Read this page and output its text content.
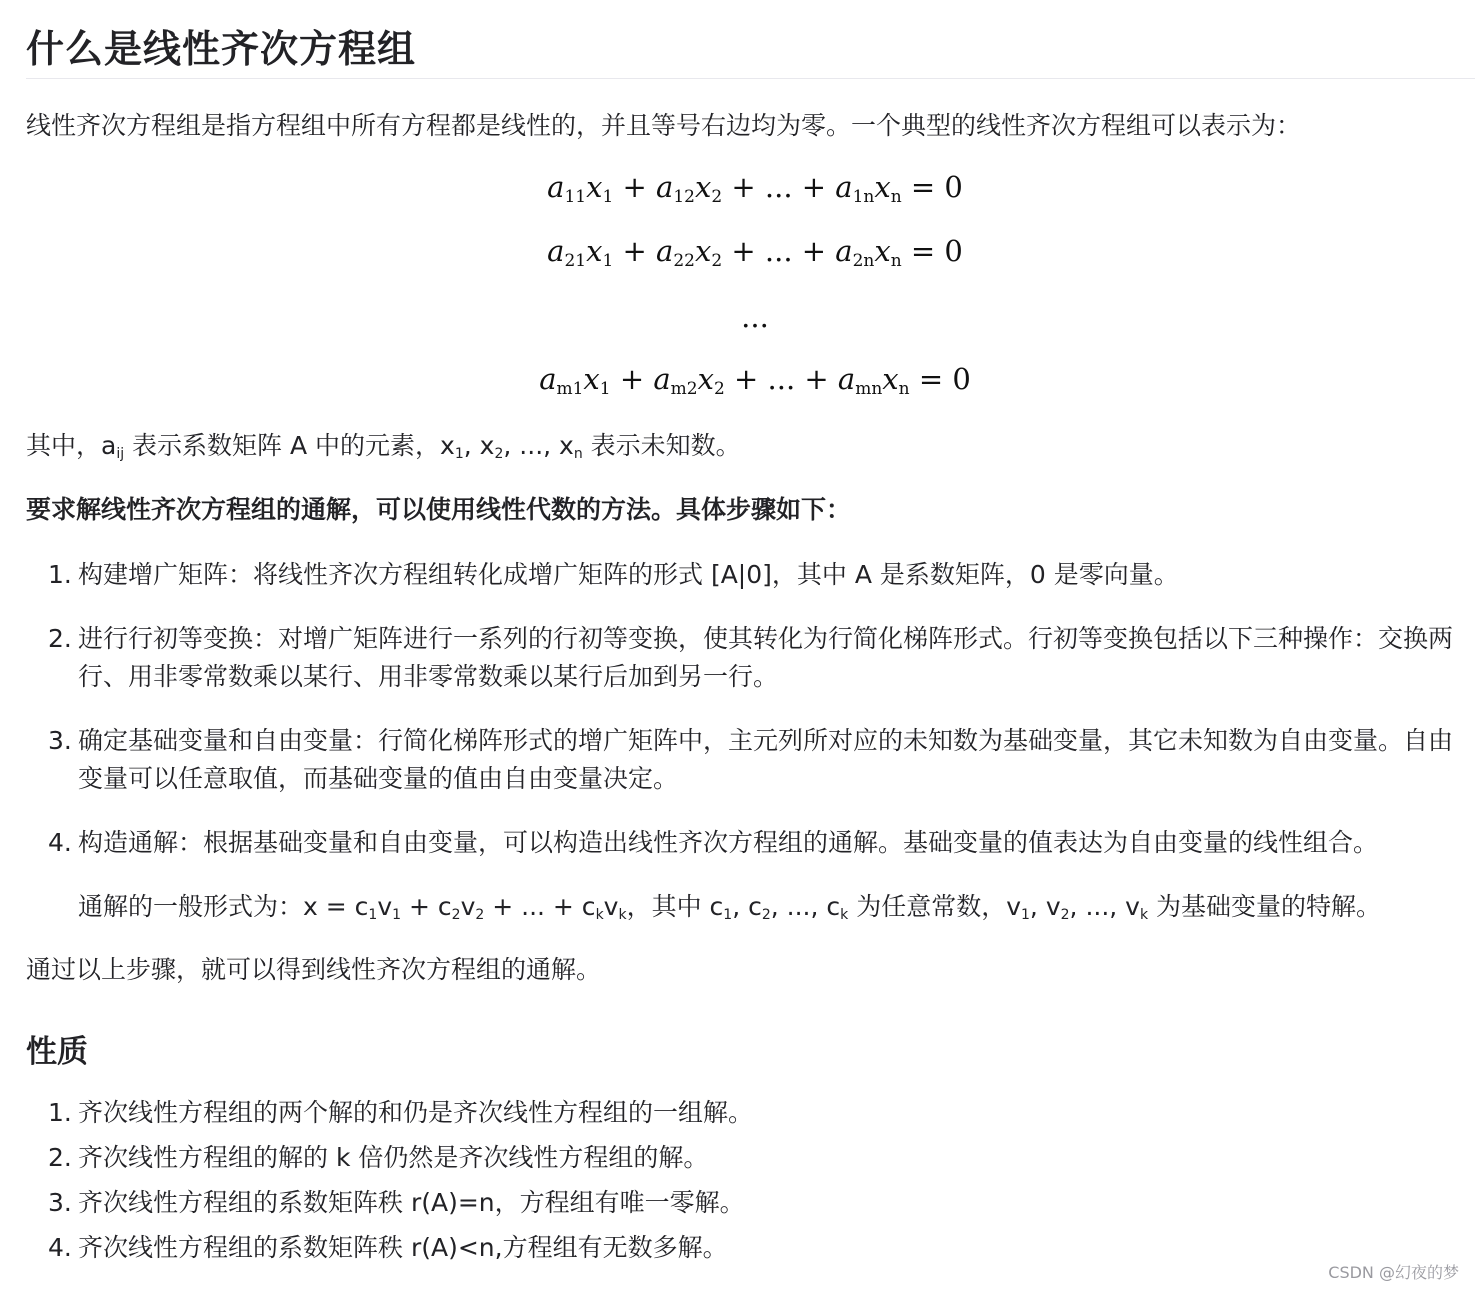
什么是线性齐次方程组
线性齐次方程组是指方程组中所有方程都是线性的，并且等号右边均为零。一个典型的线性齐次方程组可以表示为：
$a_{11}x_1 + a_{12}x_2$ + ... + $a_{1n}x_n = 0$
$a_{21}x_1 + a_{22}x_2$ + ... + $a_{2n}x_n = 0$
...
$a_{m1}x_1 + a_{m2}x_2$ + ... + $a_{mn}x_n = 0$
其中，$a_{ij}$ 表示系数矩阵 A 中的元素，$x_1$, $x_2$, ..., $x_n$ 表示未知数。
要求解线性齐次方程组的通解，可以使用线性代数的方法。具体步骤如下：
1. 构建增广矩阵：将线性齐次方程组转化成增广矩阵的形式 [A|0]，其中 A 是系数矩阵，0 是零向量。
2. 进行行初等变换：对增广矩阵进行一系列的行初等变换，使其转化为行简化梯阵形式。行初等变换包括以下三种操作：交换两
行、用非零常数乘以某行、用非零常数乘以某行后加到另一行。
3. 确定基础变量和自由变量：行简化梯阵形式的增广矩阵中，主元列所对应的未知数为基础变量，其它未知数为自由变量。自由
变量可以任意取值，而基础变量的值由自由变量决定。
4. 构造通解：根据基础变量和自由变量，可以构造出线性齐次方程组的通解。基础变量的值表达为自由变量的线性组合。
通解的一般形式为：$x = c_1v_1 + c_2v_2$ + ... + $c_kv_k$，其中 $c_1$, $c_2$, ..., $c_k$ 为任意常数，$v_1$, $v_2$, ..., $v_k$ 为基础变量的特解。
通过以上步骤，就可以得到线性齐次方程组的通解。
性质
1. 齐次线性方程组的两个解的和仍是齐次线性方程组的一组解。
2. 齐次线性方程组的解的 k 倍仍然是齐次线性方程组的解。
3. 齐次线性方程组的系数矩阵秩 r(A)=n，方程组有唯一零解。
4. 齐次线性方程组的系数矩阵秩 r(A)<n,方程组有无数多解。
CSDN @幻夜的梦
